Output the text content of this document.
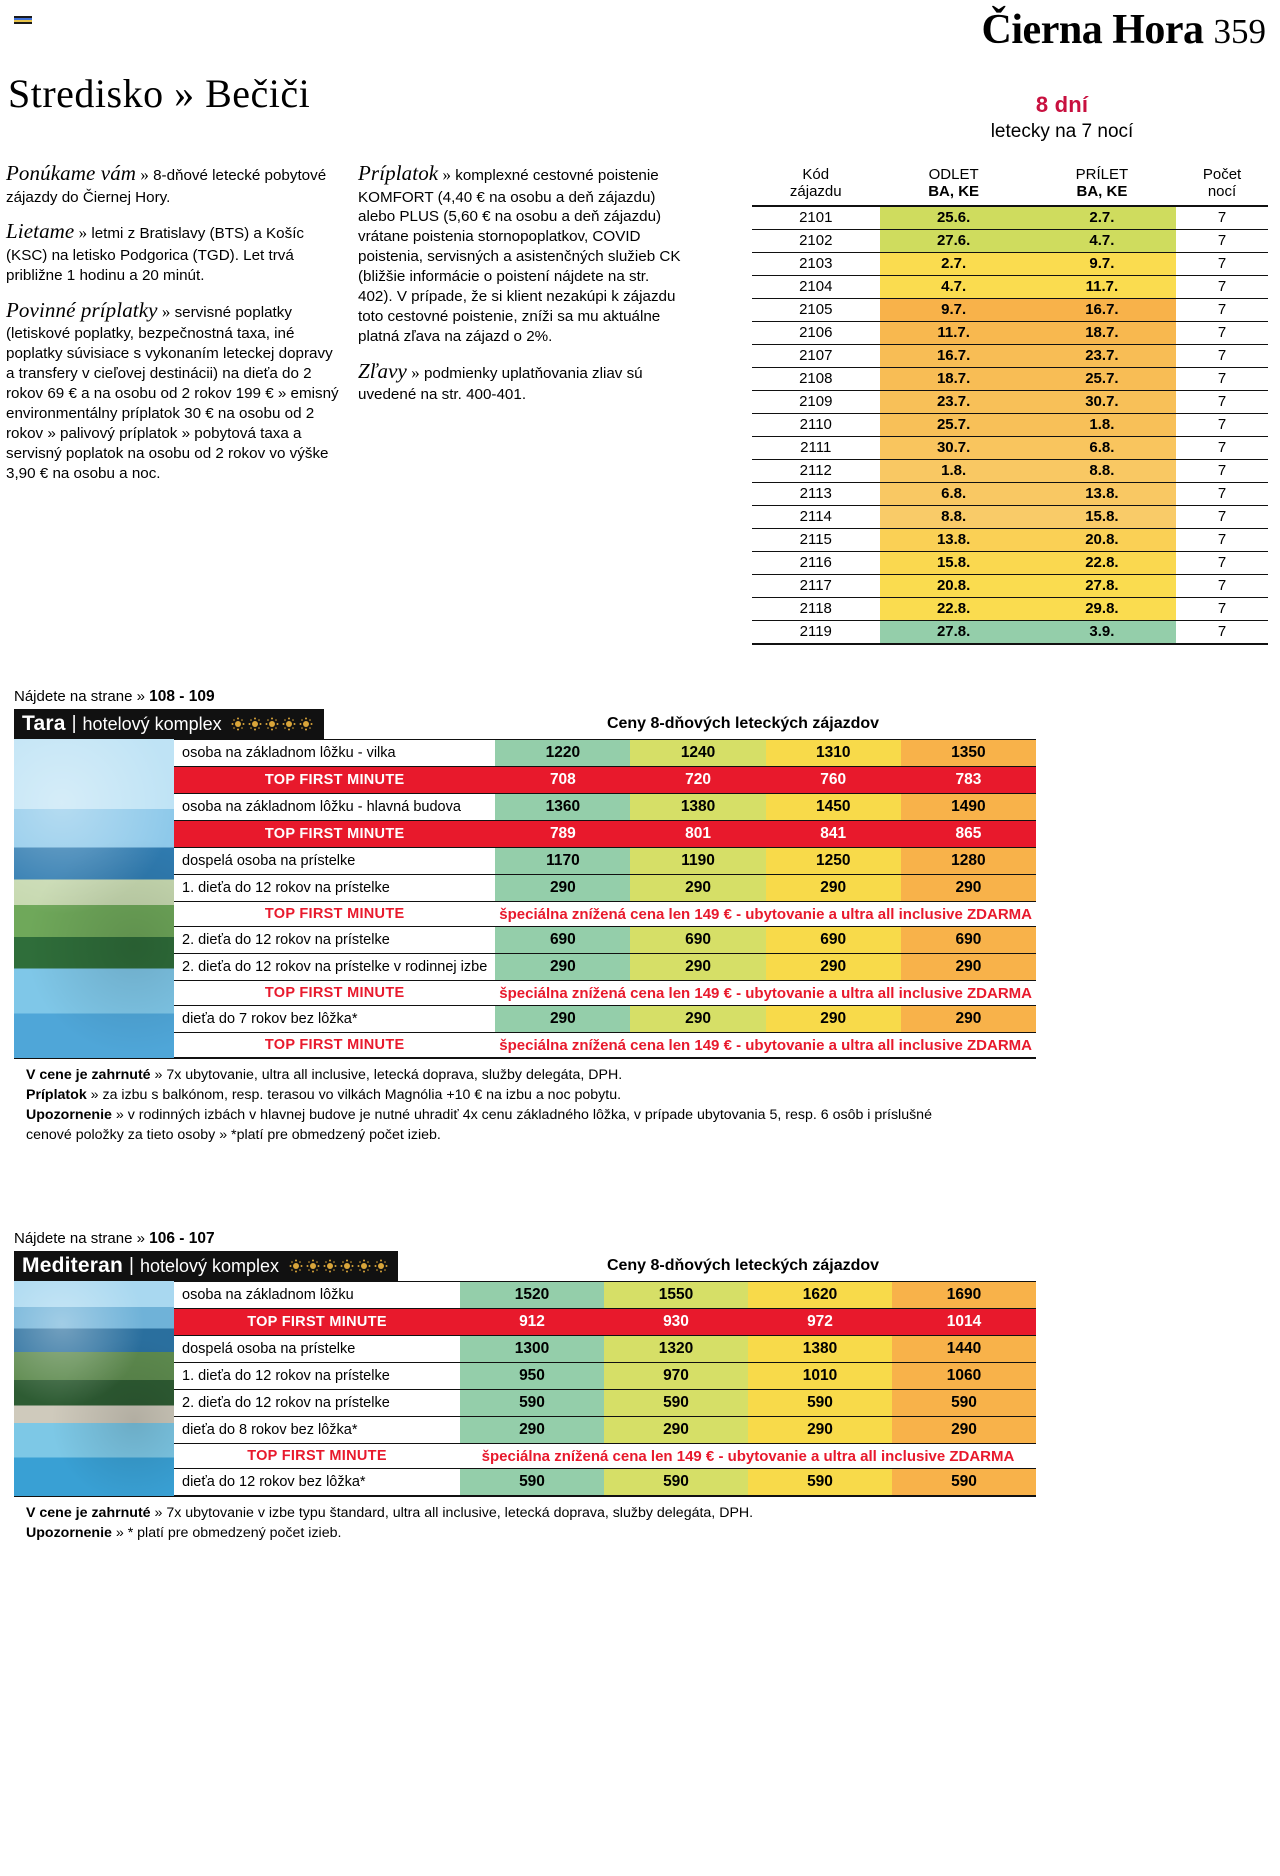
Čierna Hora 359
Stredisko » Bečiči	8 dní
letecky na 7 nocí
Ponúkame vám » 8-dňové letecké pobytové zájazdy do Čiernej Hory.
Lietame » letmi z Bratislavy (BTS) a Košíc (KSC) na letisko Podgorica (TGD). Let trvá približne 1 hodinu a 20 minút.
Povinné príplatky » servisné poplatky (letiskové poplatky, bezpečnostná taxa, iné poplatky súvisiace s vykonaním leteckej dopravy a transfery v cieľovej destinácii) na dieťa do 2 rokov 69 € a na osobu od 2 rokov 199 € » emisný environmentálny príplatok 30 € na osobu od 2 rokov » palivový príplatok » pobytová taxa a servisný poplatok na osobu od 2 rokov vo výške 3,90 € na osobu a noc.
Príplatok » komplexné cestovné poistenie KOMFORT (4,40 € na osobu a deň zájazdu) alebo PLUS (5,60 € na osobu a deň zájazdu) vrátane poistenia stornopoplatkov, COVID poistenia, servisných a asistenčných služieb CK (bližšie informácie o poistení nájdete na str. 402). V prípade, že si klient nezakúpi k zájazdu toto cestovné poistenie, zníži sa mu aktuálne platná zľava na zájazd o 2%.
Zľavy » podmienky uplatňovania zliav sú uvedené na str. 400-401.
Kód
zájazdu

ODLET
BA, KE

PRÍLET
BA, KE

Počet
nocí

2101	25.6.	2.7.	7
2102	27.6.	4.7.	7
2103	2.7.	9.7.	7
2104	4.7.	11.7.	7
2105	9.7.	16.7.	7
2106	11.7.	18.7.	7
2107	16.7.	23.7.	7
2108	18.7.	25.7.	7
2109	23.7.	30.7.	7
2110	25.7.	1.8.	7
2111	30.7.	6.8.	7
2112	1.8.	8.8.	7
2113	6.8.	13.8.	7
2114	8.8.	15.8.	7
2115	13.8.	20.8.	7
2116	15.8.	22.8.	7
2117	20.8.	27.8.	7
2118	22.8.	29.8.	7
2119	27.8.	3.9.	7
Nájdete na strane » 108 - 109
Tara | hotelový komplex	Ceny 8-dňových leteckých zájazdov
osoba na základnom lôžku - vilka	1220	1240	1310	1350
TOP FIRST MINUTE	708	720	760	783
osoba na základnom lôžku - hlavná budova	1360	1380	1450	1490
TOP FIRST MINUTE	789	801	841	865
dospelá osoba na prístelke	1170	1190	1250	1280
1. dieťa do 12 rokov na prístelke	290	290	290	290
TOP FIRST MINUTE	špeciálna znížená cena len 149 € - ubytovanie a ultra all inclusive ZDARMA			
2. dieťa do 12 rokov na prístelke	690	690	690	690
2. dieťa do 12 rokov na prístelke v rodinnej izbe	290	290	290	290
TOP FIRST MINUTE	špeciálna znížená cena len 149 € - ubytovanie a ultra all inclusive ZDARMA			
dieťa do 7 rokov bez lôžka*	290	290	290	290
TOP FIRST MINUTE	špeciálna znížená cena len 149 € - ubytovanie a ultra all inclusive ZDARMA			
V cene je zahrnuté » 7x ubytovanie, ultra all inclusive, letecká doprava, služby delegáta, DPH.
Príplatok » za izbu s balkónom, resp. terasou vo vilkách Magnólia +10 € na izbu a noc pobytu.
Upozornenie » v rodinných izbách v hlavnej budove je nutné uhradiť 4x cenu základného lôžka, v prípade ubytovania 5, resp. 6 osôb i príslušné
cenové položky za tieto osoby » *platí pre obmedzený počet izieb.
Nájdete na strane » 106 - 107
Mediteran | hotelový komplex	Ceny 8-dňových leteckých zájazdov
osoba na základnom lôžku	1520	1550	1620	1690
TOP FIRST MINUTE	912	930	972	1014
dospelá osoba na prístelke	1300	1320	1380	1440
1. dieťa do 12 rokov na prístelke	950	970	1010	1060
2. dieťa do 12 rokov na prístelke	590	590	590	590
dieťa do 8 rokov bez lôžka*	290	290	290	290
TOP FIRST MINUTE	špeciálna znížená cena len 149 € - ubytovanie a ultra all inclusive ZDARMA			
dieťa do 12 rokov bez lôžka*	590	590	590	590
V cene je zahrnuté » 7x ubytovanie v izbe typu štandard, ultra all inclusive, letecká doprava, služby delegáta, DPH.
Upozornenie » * platí pre obmedzený počet izieb.
